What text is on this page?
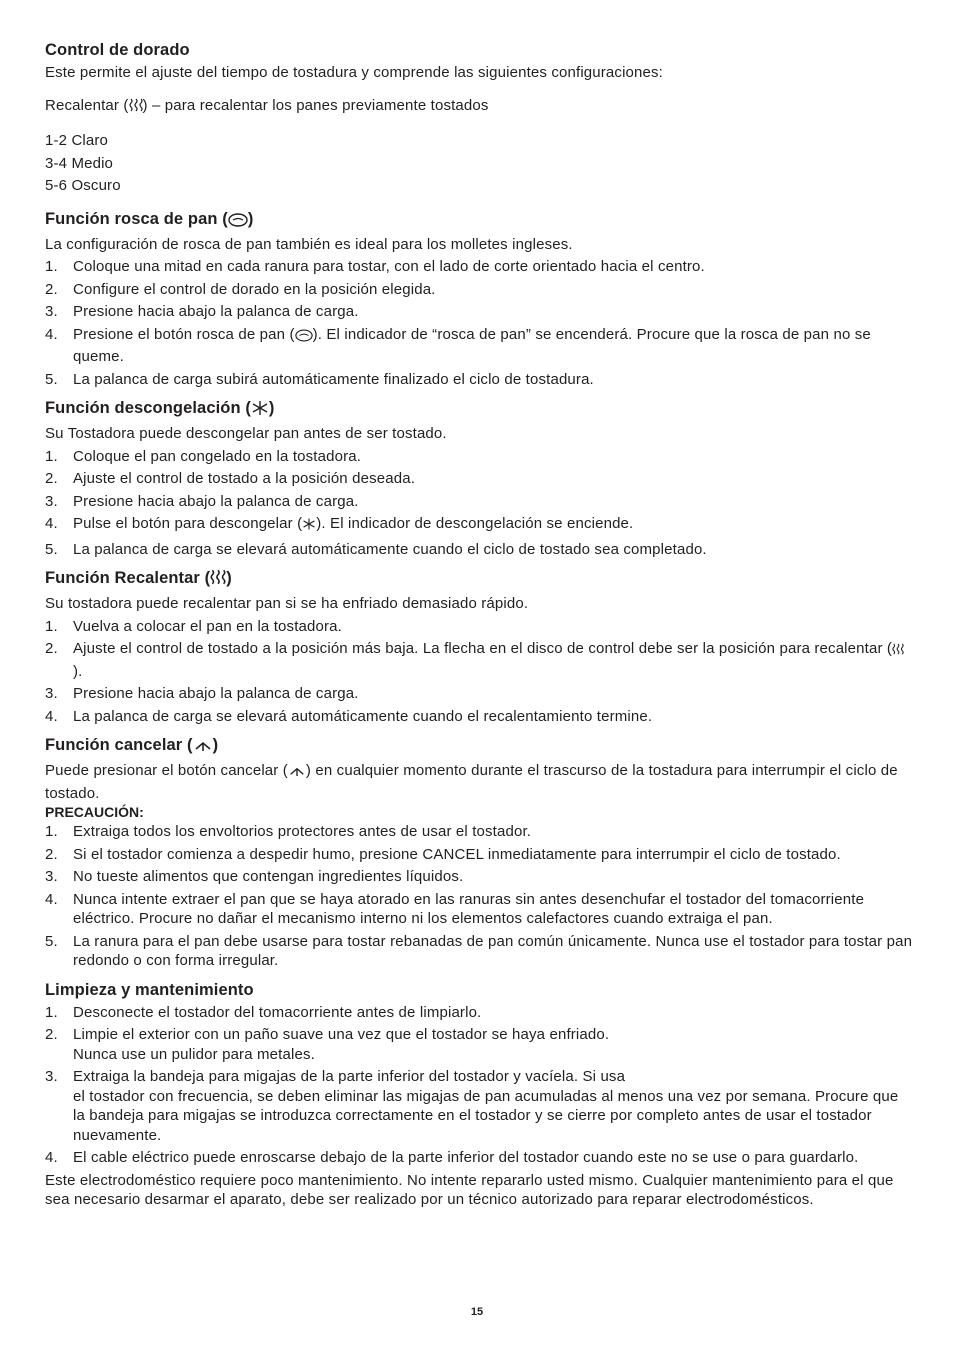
Control de dorado

Este permite el ajuste del tiempo de tostadura y comprende las siguientes configuraciones:

Recalentar ( ) – para recalentar los panes previamente tostados

1-2 Claro

3-4 Medio

5-6 Oscuro

Función rosca de pan ( )

La configuración de rosca de pan también es ideal para los molletes ingleses.

1. Coloque una mitad en cada ranura para tostar, con el lado de corte orientado hacia el centro.
2. Configure el control de dorado en la posición elegida.
3. Presione hacia abajo la palanca de carga.
4. Presione el botón rosca de pan ( ). El indicador de “rosca de pan” se encenderá. Procure que la rosca de pan no se queme.
5. La palanca de carga subirá automáticamente finalizado el ciclo de tostadura.
Función descongelación ( )

Su Tostadora puede descongelar pan antes de ser tostado.

1. Coloque el pan congelado en la tostadora.
2. Ajuste el control de tostado a la posición deseada.
3. Presione hacia abajo la palanca de carga.
4. Pulse el botón para descongelar ( ). El indicador de descongelación se enciende.
5. La palanca de carga se elevará automáticamente cuando el ciclo de tostado sea completado.
Función Recalentar ( )

Su tostadora puede recalentar pan si se ha enfriado demasiado rápido.

1. Vuelva a colocar el pan en la tostadora.
2. Ajuste el control de tostado a la posición más baja. La flecha en el disco de control debe ser la posición para recalentar ().
3. Presione hacia abajo la palanca de carga.
4. La palanca de carga se elevará automáticamente cuando el recalentamiento termine.
Función cancelar ( )

Puede presionar el botón cancelar ( ) en cualquier momento durante el trascurso de la tostadura para interrumpir el ciclo de tostado.

PRECAUCIÓN:
1. Extraiga todos los envoltorios protectores antes de usar el tostador.
2. Si el tostador comienza a despedir humo, presione CANCEL inmediatamente para interrumpir el ciclo de tostado.
3. No tueste alimentos que contengan ingredientes líquidos.
4. Nunca intente extraer el pan que se haya atorado en las ranuras sin antes desenchufar el tostador del tomacorriente eléctrico. Procure no dañar el mecanismo interno ni los elementos calefactores cuando extraiga el pan.
5. La ranura para el pan debe usarse para tostar rebanadas de pan común únicamente. Nunca use el tostador para tostar pan redondo o con forma irregular.
Limpieza y mantenimiento
1. Desconecte el tostador del tomacorriente antes de limpiarlo.
2. Limpie el exterior con un paño suave una vez que el tostador se haya enfriado.
Nunca use un pulidor para metales.
3. Extraiga la bandeja para migajas de la parte inferior del tostador y vacíela. Si usa
el tostador con frecuencia, se deben eliminar las migajas de pan acumuladas al menos una vez por semana. Procure que la bandeja para migajas se introduzca correctamente en el tostador y se cierre por completo antes de usar el tostador nuevamente.
4. El cable eléctrico puede enroscarse debajo de la parte inferior del tostador cuando este no se use o para guardarlo.

Este electrodoméstico requiere poco mantenimiento. No intente repararlo usted mismo. Cualquier mantenimiento para el que sea necesario desarmar el aparato, debe ser realizado por un técnico autorizado para reparar electrodomésticos.

15
